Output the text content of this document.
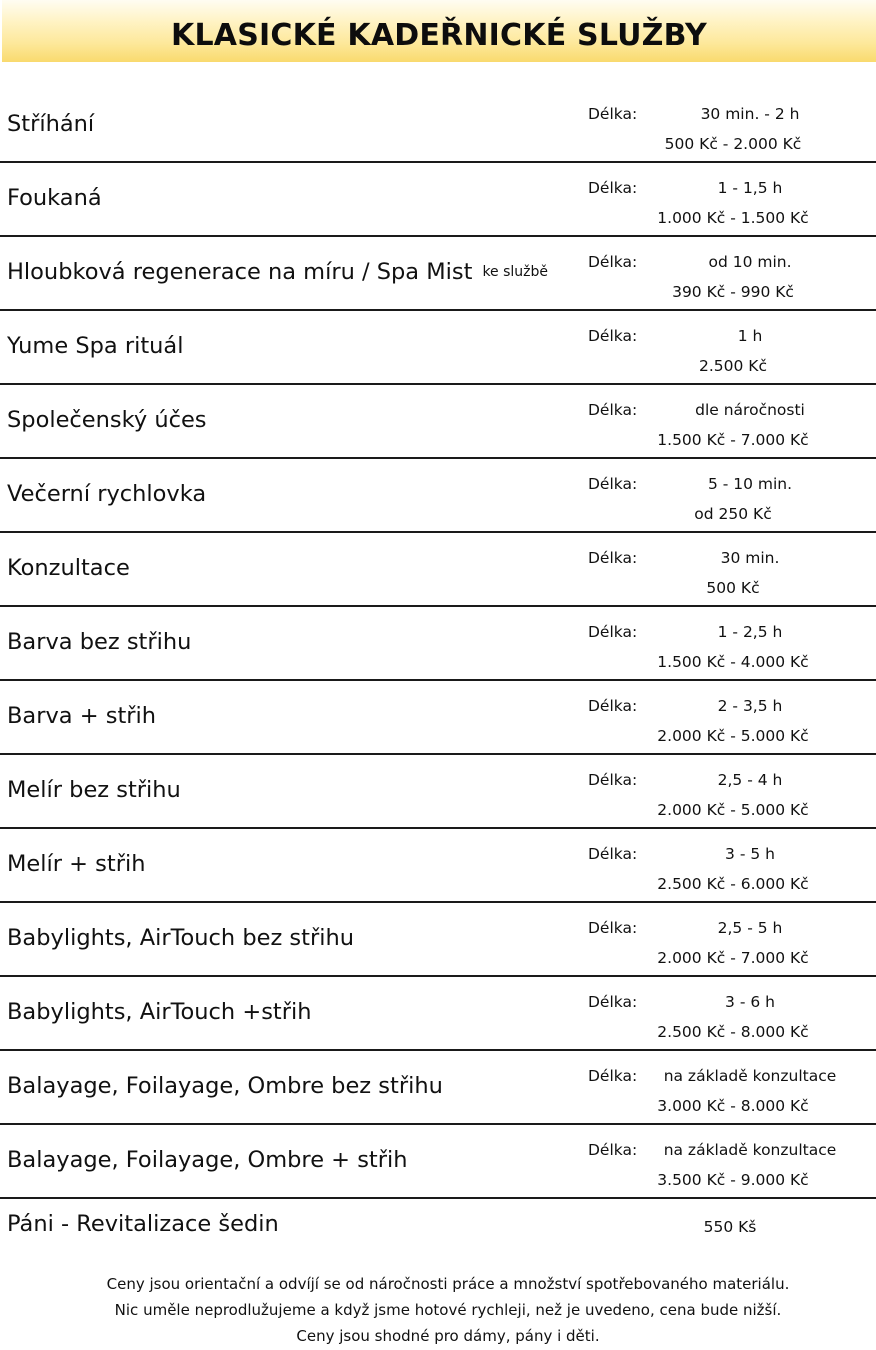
KLASICKÉ KADEŘNICKÉ SLUŽBY
Stříhání	Délka:	30 min. - 2 h
500 Kč - 2.000 Kč
Foukaná	Délka:	1 - 1,5 h
1.000 Kč - 1.500 Kč
Hloubková regenerace na míru / Spa Mist ke službě
Délka:	od 10 min.
390 Kč - 990 Kč
Yume Spa rituál	Délka:	1 h
2.500 Kč
Společenský účes	Délka:	dle náročnosti
1.500 Kč - 7.000 Kč
Večerní rychlovka	Délka:	5 - 10 min.
od 250 Kč
Konzultace	Délka:	30 min.
500 Kč
Barva bez střihu	Délka:	1 - 2,5 h
1.500 Kč - 4.000 Kč
Barva + střih	Délka:	2 - 3,5 h
2.000 Kč - 5.000 Kč
Melír bez střihu	Délka:	2,5 - 4 h
2.000 Kč - 5.000 Kč
Melír + střih	Délka:	3 - 5 h
2.500 Kč - 6.000 Kč
Babylights, AirTouch bez střihu	Délka:	2,5 - 5 h
2.000 Kč - 7.000 Kč
Babylights, AirTouch +střih	Délka:	3 - 6 h
2.500 Kč - 8.000 Kč
Balayage, Foilayage, Ombre bez střihu	Délka:	na základě konzultace
3.000 Kč - 8.000 Kč
Balayage, Foilayage, Ombre + střih	Délka:	na základě konzultace
3.500 Kč - 9.000 Kč
Páni - Revitalizace šedin	550 Kš
Ceny jsou orientační a odvíjí se od náročnosti práce a množství spotřebovaného materiálu.
Nic uměle neprodlužujeme a když jsme hotové rychleji, než je uvedeno, cena bude nižší.
Ceny jsou shodné pro dámy, pány i děti.
